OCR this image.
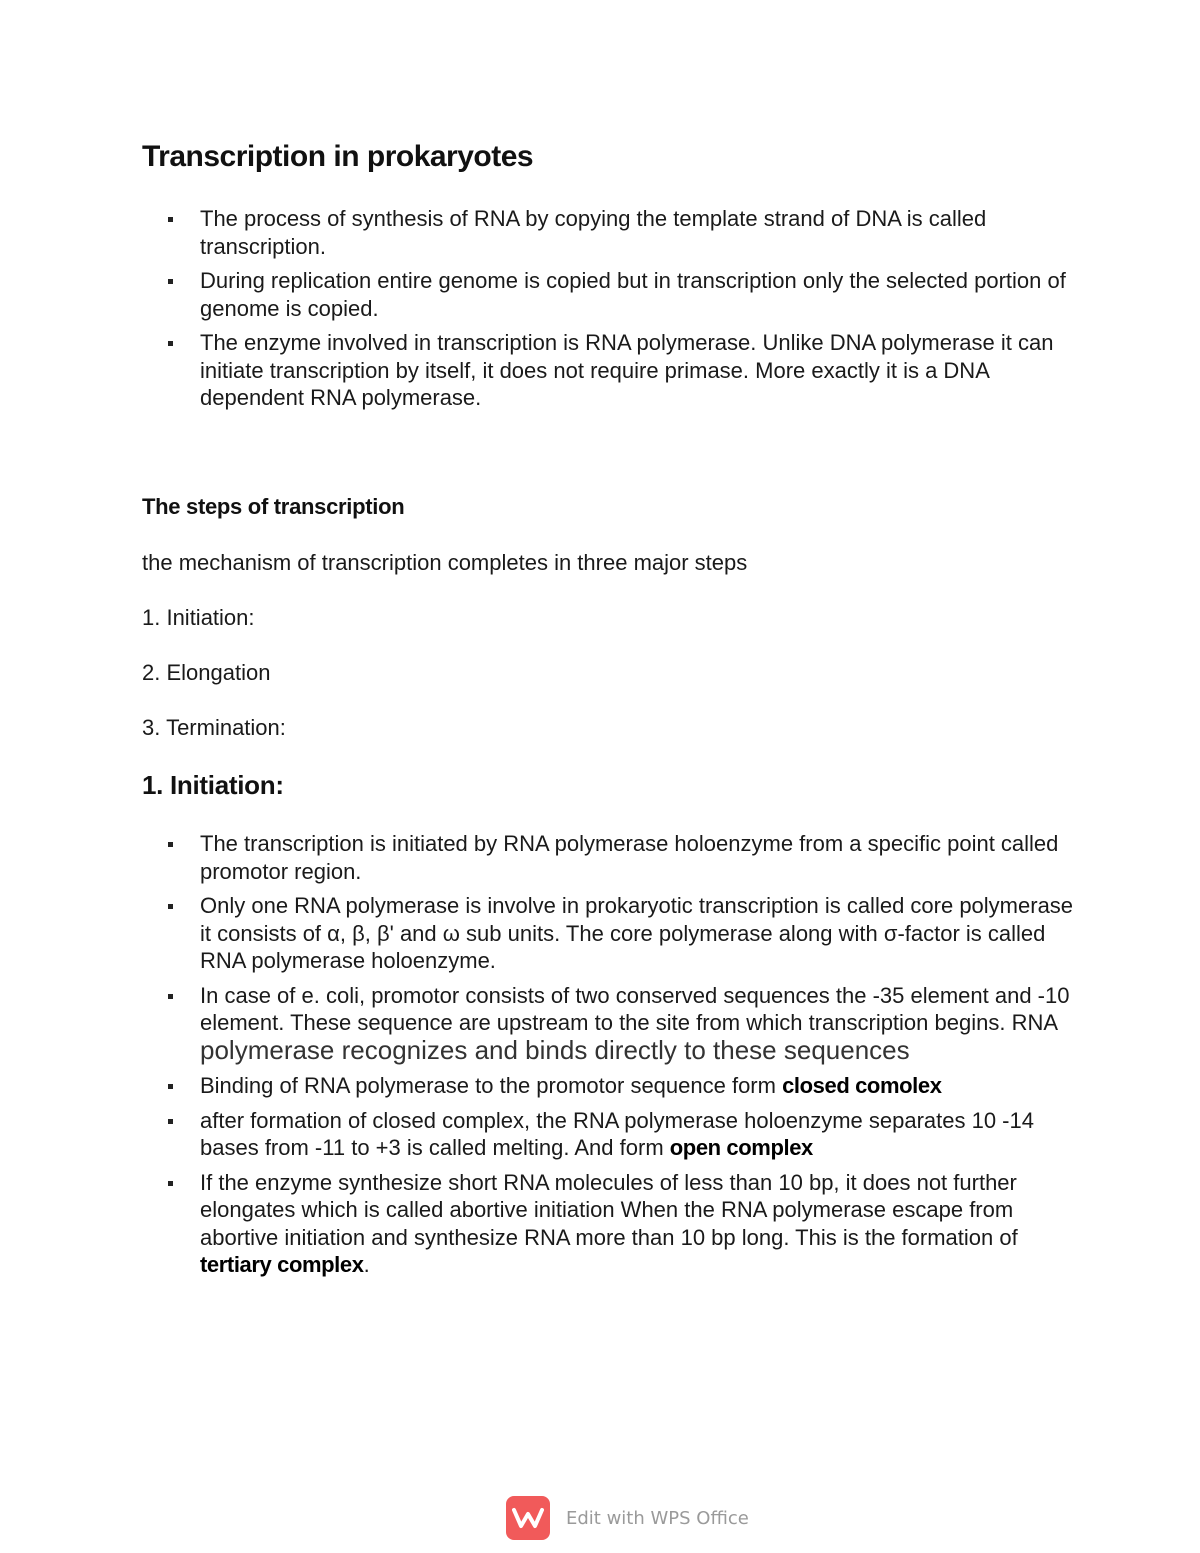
Transcription in prokaryotes
The process of synthesis of RNA by copying the template strand of DNA is called transcription.
During replication entire genome is copied but in transcription only the selected portion of genome is copied.
The enzyme involved in transcription is RNA polymerase. Unlike DNA polymerase it can initiate transcription by itself, it does not require primase. More exactly it is a DNA dependent RNA polymerase.
The steps of transcription

the mechanism of transcription completes in three major steps

1. Initiation:

2. Elongation

3. Termination:

1. Initiation:
The transcription is initiated by RNA polymerase holoenzyme from a specific point called promotor region.
Only one RNA polymerase is involve in prokaryotic transcription is called core polymerase it consists of α, β, β' and ω sub units. The core polymerase along with σ-factor is called RNA polymerase holoenzyme.
In case of e. coli, promotor consists of two conserved sequences the -35 element and -10 element. These sequence are upstream to the site from which transcription begins. RNA polymerase recognizes and binds directly to these sequences
Binding of RNA polymerase to the promotor sequence form closed comolex
after formation of closed complex, the RNA polymerase holoenzyme separates 10 -14 bases from -11 to +3 is called melting. And form open complex
If the enzyme synthesize short RNA molecules of less than 10 bp, it does not further elongates which is called abortive initiation When the RNA polymerase escape from abortive initiation and synthesize RNA more than 10 bp long. This is the formation of tertiary complex.
Edit with WPS Office
